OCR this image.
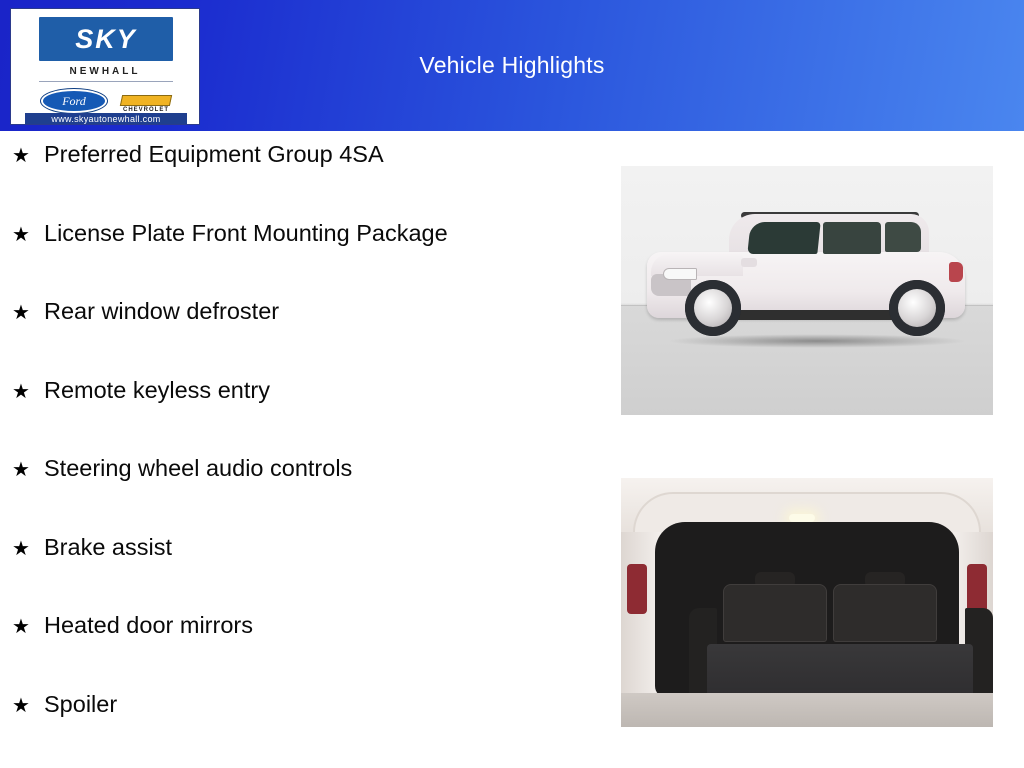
Vehicle Highlights
SKY
NEWHALL
Ford
CHEVROLET
www.skyautonewhall.com
★ Preferred Equipment Group 4SA
★ License Plate Front Mounting Package
★ Rear window defroster
★ Remote keyless entry
★ Steering wheel audio controls
★ Brake assist
★ Heated door mirrors
★ Spoiler
